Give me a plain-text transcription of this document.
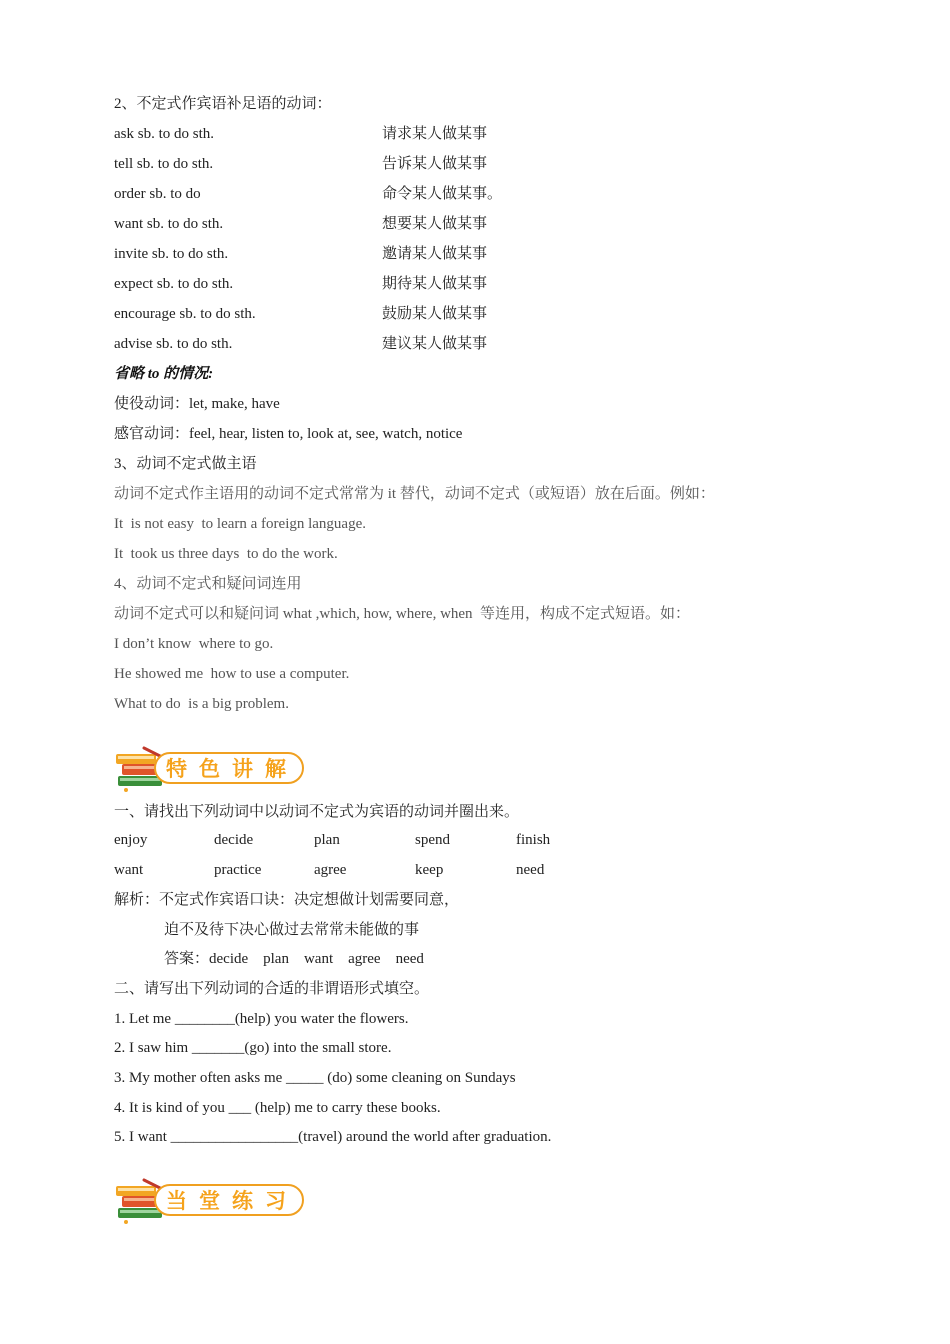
2、不定式作宾语补足语的动词：
ask sb. to do sth.	请求某人做某事
tell sb. to do sth.	告诉某人做某事
order sb. to do	命令某人做某事。
want sb. to do sth.	想要某人做某事
invite sb. to do sth.	邀请某人做某事
expect sb. to do sth.	期待某人做某事
encourage sb. to do sth.	鼓励某人做某事
advise sb. to do sth.	建议某人做某事
省略 to 的情况:
使役动词：let, make, have
感官动词：feel, hear, listen to, look at, see, watch, notice
3、动词不定式做主语
动词不定式作主语用的动词不定式常常为 it 替代，动词不定式（或短语）放在后面。例如：
It  is not easy  to learn a foreign language.
It  took us three days  to do the work.
4、动词不定式和疑问词连用
动词不定式可以和疑问词 what ,which, how, where, when  等连用，构成不定式短语。如：
I don’t know  where to go.
He showed me  how to use a computer.
What to do  is a big problem.
特色讲解
一、请找出下列动词中以动词不定式为宾语的动词并圈出来。
enjoy	decide	plan	spend	finish
want	practice	agree	keep	need
解析：不定式作宾语口诀：决定想做计划需要同意，
迫不及待下决心做过去常常未能做的事
答案：decide    plan    want    agree    need
二、请写出下列动词的合适的非谓语形式填空。
1. Let me ________(help) you water the flowers.
2. I saw him _______(go) into the small store.
3. My mother often asks me _____ (do) some cleaning on Sundays
4. It is kind of you ___ (help) me to carry these books.
5. I want _________________(travel) around the world after graduation.
当堂练习
